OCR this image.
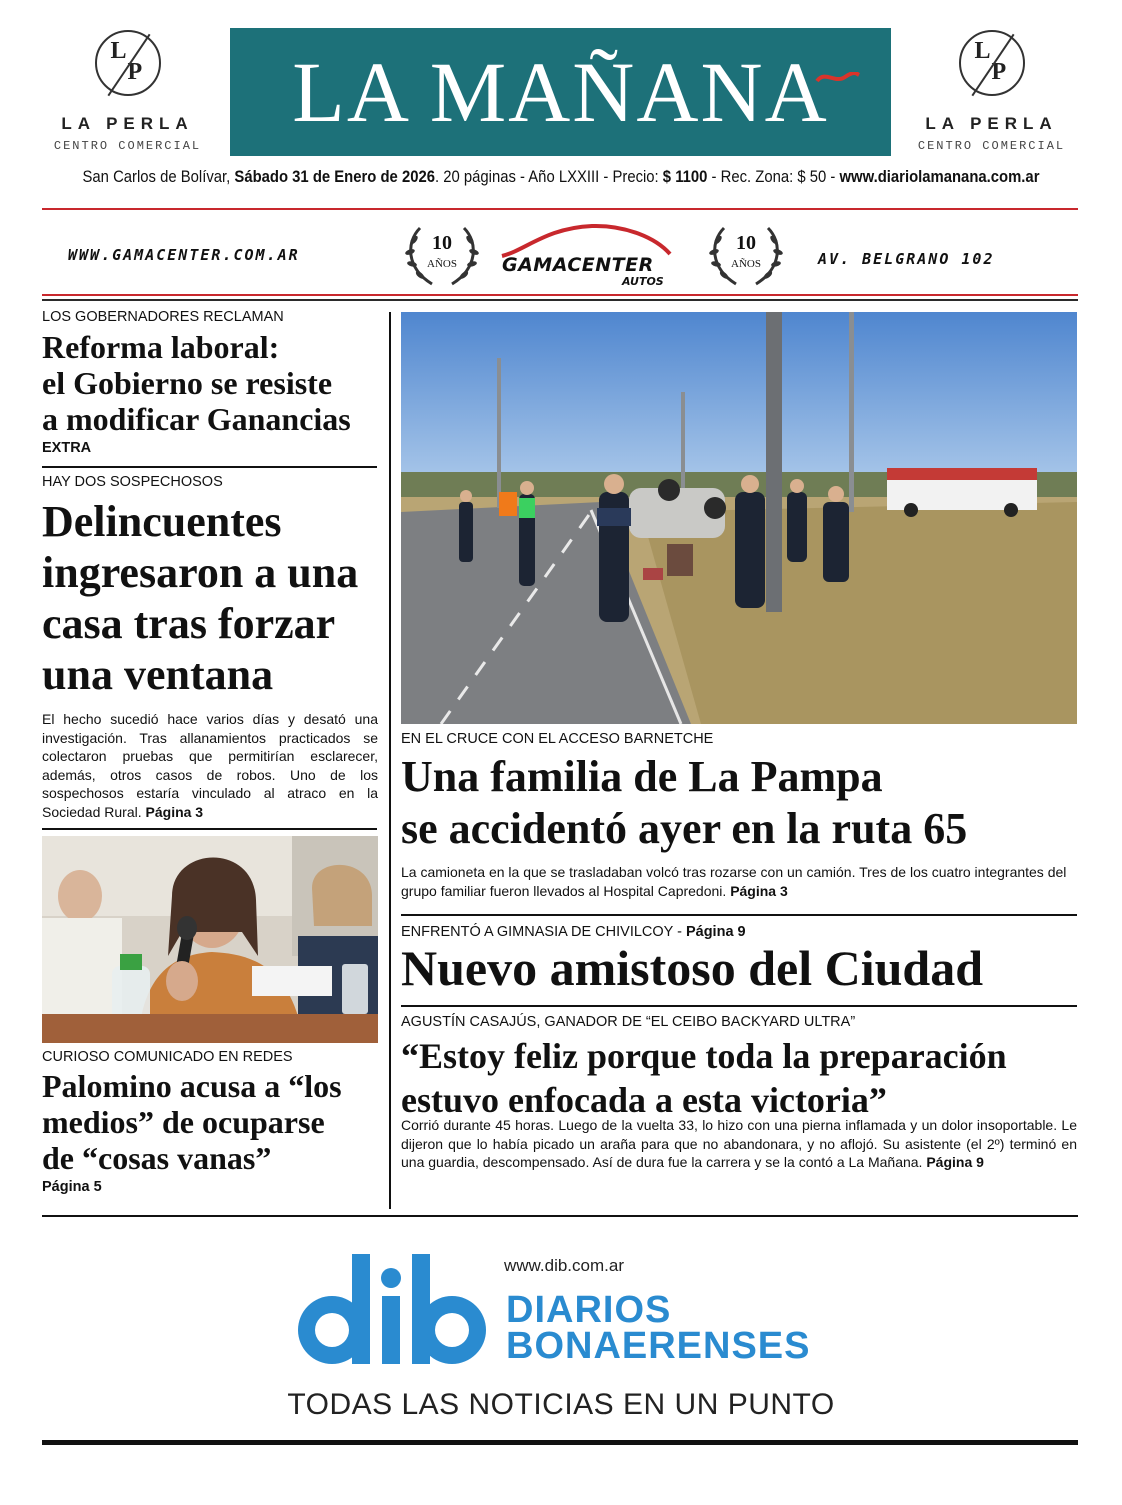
L
P
LA PERLA
CENTRO COMERCIAL
LA MAÑANA	L
P
LA PERLA
CENTRO COMERCIAL
San Carlos de Bolívar, Sábado 31 de Enero de 2026. 20 páginas - Año LXXIII - Precio: $ 1100 - Rec. Zona: $ 50 - www.diariolamanana.com.ar
WWW.GAMACENTER.COM.AR
10
AÑOS	GAMACENTER
AUTOS
10
AÑOS	AV. BELGRANO 102
LOS GOBERNADORES RECLAMAN
Reforma laboral:
el Gobierno se resiste
a modificar Ganancias
EXTRA
HAY DOS SOSPECHOSOS
Delincuentes
ingresaron a una
casa tras forzar
una ventana
El hecho sucedió hace varios días y desató una investigación. Tras allanamientos practicados se colectaron pruebas que permitirían esclarecer, además, otros casos de robos. Uno de los sospechosos estaría vinculado al atraco en la Sociedad Rural. Página 3
CURIOSO COMUNICADO EN REDES
Palomino acusa a “los
medios” de ocuparse
de “cosas vanas”
Página 5
EN EL CRUCE CON EL ACCESO BARNETCHE
Una familia de La Pampa
se accidentó ayer en la ruta 65
La camioneta en la que se trasladaban volcó tras rozarse con un camión. Tres de los cuatro integrantes del grupo familiar fueron llevados al Hospital Capredoni. Página 3
ENFRENTÓ A GIMNASIA DE CHIVILCOY - Página 9
Nuevo amistoso del Ciudad
AGUSTÍN CASAJÚS, GANADOR DE “EL CEIBO BACKYARD ULTRA”
“Estoy feliz porque toda la preparación
estuvo enfocada a esta victoria”
Corrió durante 45 horas. Luego de la vuelta 33, lo hizo con una pierna inflamada y un dolor insoportable. Le dijeron que lo había picado un araña para que no abandonara, y no aflojó. Su asistente (el 2º) terminó en una guardia, descompensado. Así de dura fue la carrera y se la contó a La Mañana. Página 9
www.dib.com.ar
DIARIOS
BONAERENSES
TODAS LAS NOTICIAS EN UN PUNTO
